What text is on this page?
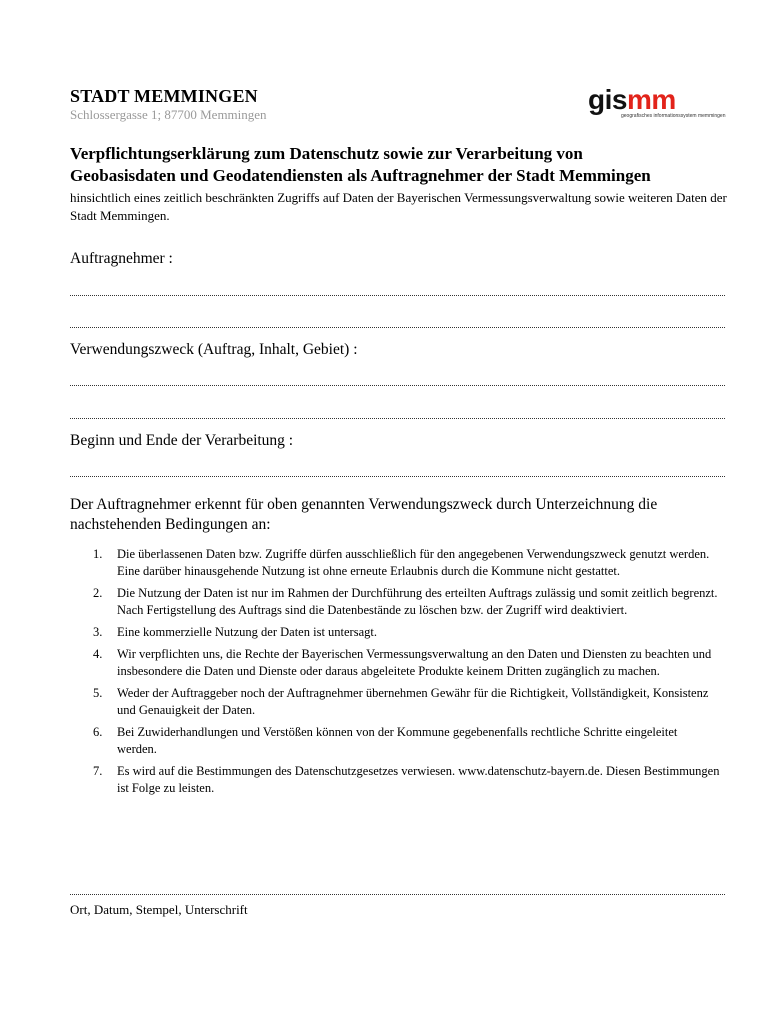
STADT MEMMINGEN
Schlossergasse 1; 87700 Memmingen	gismm
geografisches informationssystem memmingen
Verpflichtungserklärung zum Datenschutz sowie zur Verarbeitung von
Geobasisdaten und Geodatendiensten als Auftragnehmer der Stadt Memmingen
hinsichtlich eines zeitlich beschränkten Zugriffs auf Daten der Bayerischen Vermessungsverwaltung sowie weiteren Daten der Stadt Memmingen.
Auftragnehmer :
Verwendungszweck (Auftrag, Inhalt, Gebiet) :
Beginn und Ende der Verarbeitung :
Der Auftragnehmer erkennt für oben genannten Verwendungszweck durch Unterzeichnung die nachstehenden Bedingungen an:
1. Die überlassenen Daten bzw. Zugriffe dürfen ausschließlich für den angegebenen Verwendungszweck genutzt werden. Eine darüber hinausgehende Nutzung ist ohne erneute Erlaubnis durch die Kommune nicht gestattet.
2. Die Nutzung der Daten ist nur im Rahmen der Durchführung des erteilten Auftrags zulässig und somit zeitlich begrenzt. Nach Fertigstellung des Auftrags sind die Datenbestände zu löschen bzw. der Zugriff wird deaktiviert.
3. Eine kommerzielle Nutzung der Daten ist untersagt.
4. Wir verpflichten uns, die Rechte der Bayerischen Vermessungsverwaltung an den Daten und Diensten zu beachten und insbesondere die Daten und Dienste oder daraus abgeleitete Produkte keinem Dritten zugänglich zu machen.
5. Weder der Auftraggeber noch der Auftragnehmer übernehmen Gewähr für die Richtigkeit, Vollständigkeit, Konsistenz und Genauigkeit der Daten.
6. Bei Zuwiderhandlungen und Verstößen können von der Kommune gegebenenfalls rechtliche Schritte eingeleitet werden.
7. Es wird auf die Bestimmungen des Datenschutzgesetzes verwiesen. www.datenschutz-bayern.de. Diesen Bestimmungen ist Folge zu leisten.
Ort, Datum, Stempel, Unterschrift
